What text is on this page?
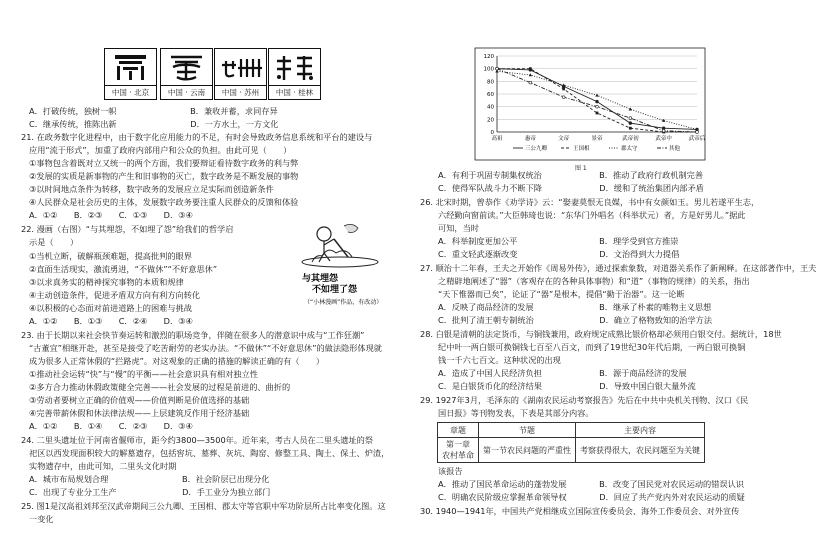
中国 · 北京	中国 · 云南	中国 · 苏州	中国 · 桂林
A．打破传统，独树一帜　　　　　　　　　B．兼收并蓄，求同存异
C．继承传统，推陈出新　　　　　　　　　D．一方水土，一方文化
21. 在政务数字化进程中，由于数字化应用能力的不足，有时会导致政务信息系统和平台的建设与
应用“流于形式”，加重了政府内部用户和公众的负担。由此可见（　　）
①事物包含着既对立又统一的两个方面，我们要辩证看待数字政务的利与弊
②发展的实质是新事物的产生和旧事物的灭亡，数字政务是不断发展的事物
③以时间地点条件为转移，数字政务的发展应立足实际而创造新条件
④人民群众是社会历史的主体，发展数字政务要注重人民群众的反馈和体验
A．①②　　B．②③　　C．①③　　D．③④
22. 漫画（右图）“与其埋怨，不如埋了怨”给我们的哲学启
示是（　　）
①当机立断，破解瓶颈难题，提高批判的眼界
②直面生活现实，激流勇进，“不做休”“不好意思休”
③以求真务实的精神探究事物的本质和规律
④主动创造条件，促进矛盾双方向有利方向转化
④以积极的心态面对前进道路上的困难与挑战
A．①②　　B．①③　　C．②④　　D．③④
23. 由于长期以来社会快节奏运转和激烈的职场竞争，伴随在很多人的潜意识中成与“工作狂潮”
“古董宜”相继开赴，甚至是接受了吃苦耐劳的老实办法。“不做休”“不好意思休”的做法隐形体现就
成为很多人正常休假的“拦路虎”。对这观象的正确的措施的解读正确的有（　　）
①推动社会运转“快”与“慢”的平衡——社会意识具有相对独立性
②多方合力推动休假政策健全完善——社会发展的过程是前进的、曲折的
③劳动者要树立正确的价值观——价值判断是价值选择的基础
④完善带薪休假和休法律法规——上层建筑反作用于经济基础
A．①②　　B．①④　　C．②③　　D．③④
24. 二里头遗址位于河南省偃师市，距今约3800—3500年。近年来，考古人员在二里头遗址的祭
祀区以西发现面积较大的解墓遗存，包括窖坑、墓葬、灰坑、陶窑、修整工具、陶土、保土、炉渣，
实物遗存中，由此可知，二里头文化时期
A．城市布局规划合理　　　　　　　　　B．社会阶层已出现分化
C．出现了专业分工生产　　　　　　　　D．手工业分为独立部门
25. 图1是汉高祖刘邦至汉武帝期间三公九卿、王国相、郡太守等官职中军功阶层所占比率变化图。这
一变化
与其埋怨
不如埋了怨
（“小林漫画”作品，有改动）
0
20
40
60
80
100
120
高祖	惠帝	文帝	景帝	武帝初	武帝中	武帝后
三公九卿	王国相	郡太守	其他
图 1
A．有利于巩固专制集权统治　　　　　　　B．推动了政府行政机制完善
C．使得军队战斗力不断下降　　　　　　　D．缓和了统治集团内部矛盾
26. 北宋时期，曾恭作《劝学诗》云：“娶妻莫恨无良媒，书中有女颜如玉。男儿若遂平生志，
六经勤向窗前读。”大臣韩琦也说：“东华门外唱名（科举状元）者，方是好男儿。”据此
可知，当时
A．科举制度更加公平　　　　　　　　　　B．理学受到官方推崇
C．重文轻武逐渐改变　　　　　　　　　　D．文治得到大力提倡
27. 顺治十二年春，王夫之开始作《周易外传》，通过探索象数，对道器关系作了新阐释。在这部著作中，王夫
之精辟地阐述了“器”（客观存在的各种具体事物）和“道”（事物的规律）的关系，指出
“天下惟器而已矣”，论证了“器”是根本，提倡“勤于治器”。这一论断
A．反映了商品经济的发展　　　　　　　　B．继承了朴素的唯物主义思想
C．批判了清王朝专制统治　　　　　　　　D．确立了格物致知的治学方法
28. 白银是清朝的法定货币，与铜钱兼用，政府规定成熟比银价格却必须用白银交付。据统计，18世
纪中叶一两白银可换铜钱七百至八百文，而到了19世纪30年代后期，一两白银可换铜
钱一千六七百文。这种状况的出现
A．造成了中国人民经济负担　　　　　　　B．源于商品经济的发展
C．是白银货币化的经济结果　　　　　　　D．导致中国白银大量外流
29. 1927年3月，毛泽东的《湖南农民运动考察报告》先后在中共中央机关刊物、汉口《民
国日报》等刊物发表，下表是其部分内容。
章题	节题	主要内容

第一章
农村革命	第一节农民问题的严重性	考察获得很大，农民问题至为关键
该报告
A．推动了国民革命运动的蓬勃发展　　　　B．改变了国民党对农民运动的错误认识
C．明确农民阶级应掌握革命领导权　　　　D．回应了共产党内外对农民运动的质疑
30. 1940—1941年，中国共产党相继成立国际宣传委员会、海外工作委员会、对外宣传
